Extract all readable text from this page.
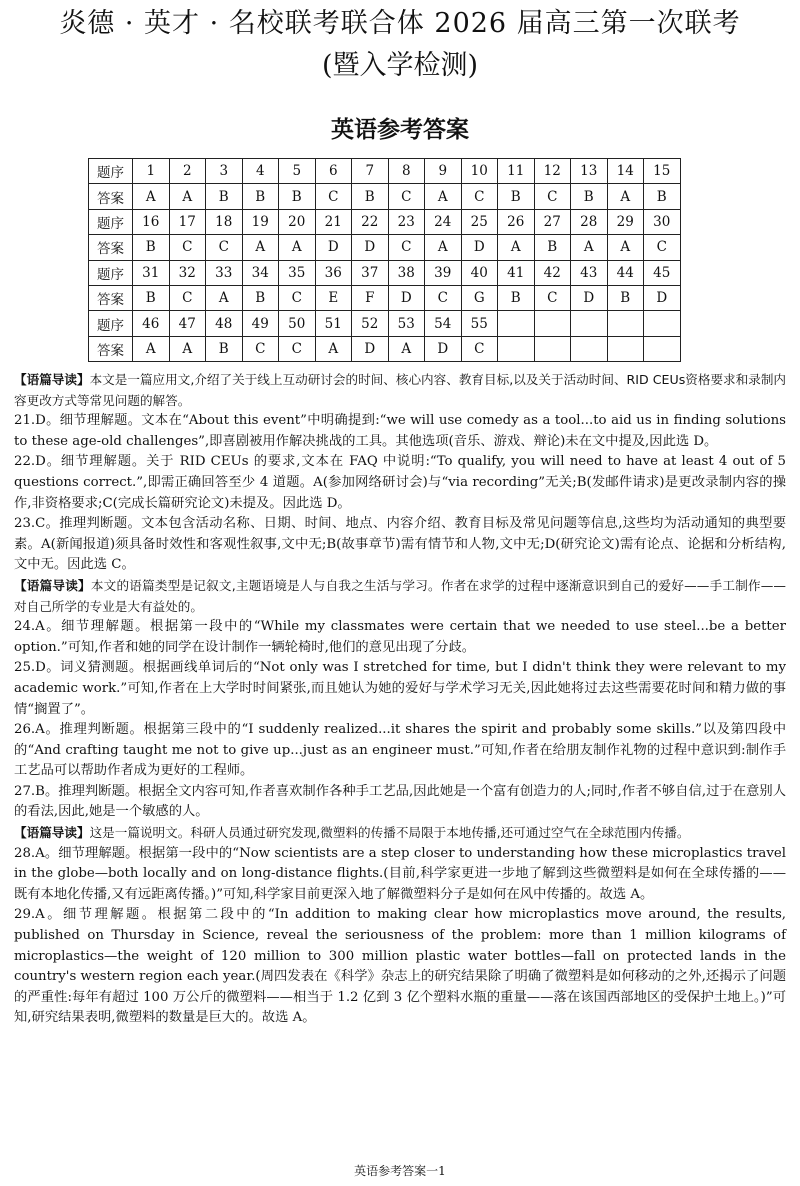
炎德 · 英才 · 名校联考联合体 2026 届高三第一次联考
(暨入学检测)
英语参考答案
题序	1	2	3	4	5	6	7	8	9	10	11	12	13	14	15
答案	A	A	B	B	B	C	B	C	A	C	B	C	B	A	B
题序	16	17	18	19	20	21	22	23	24	25	26	27	28	29	30
答案	B	C	C	A	A	D	D	C	A	D	A	B	A	A	C
题序	31	32	33	34	35	36	37	38	39	40	41	42	43	44	45
答案	B	C	A	B	C	E	F	D	C	G	B	C	D	B	D
题序	46	47	48	49	50	51	52	53	54	55					
答案	A	A	B	C	C	A	D	A	D	C					

【语篇导读】本文是一篇应用文,介绍了关于线上互动研讨会的时间、核心内容、教育目标,以及关于活动时间、RID CEUs资格要求和录制内容更改方式等常见问题的解答。

21.D。细节理解题。文本在“About this event”中明确提到:“we will use comedy as a tool...to aid us in finding solutions to these age-old challenges”,即喜剧被用作解决挑战的工具。其他选项(音乐、游戏、辩论)未在文中提及,因此选 D。

22.D。细节理解题。关于 RID CEUs 的要求,文本在 FAQ 中说明:“To qualify, you will need to have at least 4 out of 5 questions correct.”,即需正确回答至少 4 道题。A(参加网络研讨会)与“via recording”无关;B(发邮件请求)是更改录制内容的操作,非资格要求;C(完成长篇研究论文)未提及。因此选 D。

23.C。推理判断题。文本包含活动名称、日期、时间、地点、内容介绍、教育目标及常见问题等信息,这些均为活动通知的典型要素。A(新闻报道)须具备时效性和客观性叙事,文中无;B(故事章节)需有情节和人物,文中无;D(研究论文)需有论点、论据和分析结构,文中无。因此选 C。

【语篇导读】本文的语篇类型是记叙文,主题语境是人与自我之生活与学习。作者在求学的过程中逐渐意识到自己的爱好——手工制作——对自己所学的专业是大有益处的。

24.A。细节理解题。根据第一段中的“While my classmates were certain that we needed to use steel...be a better option.”可知,作者和她的同学在设计制作一辆轮椅时,他们的意见出现了分歧。

25.D。词义猜测题。根据画线单词后的“Not only was I stretched for time, but I didn't think they were relevant to my academic work.”可知,作者在上大学时时间紧张,而且她认为她的爱好与学术学习无关,因此她将过去这些需要花时间和精力做的事情“搁置了”。

26.A。推理判断题。根据第三段中的“I suddenly realized...it shares the spirit and probably some skills.”以及第四段中的“And crafting taught me not to give up...just as an engineer must.”可知,作者在给朋友制作礼物的过程中意识到:制作手工艺品可以帮助作者成为更好的工程师。

27.B。推理判断题。根据全文内容可知,作者喜欢制作各种手工艺品,因此她是一个富有创造力的人;同时,作者不够自信,过于在意别人的看法,因此,她是一个敏感的人。

【语篇导读】这是一篇说明文。科研人员通过研究发现,微塑料的传播不局限于本地传播,还可通过空气在全球范围内传播。

28.A。细节理解题。根据第一段中的“Now scientists are a step closer to understanding how these microplastics travel in the globe—both locally and on long-distance flights.(目前,科学家更进一步地了解到这些微塑料是如何在全球传播的——既有本地化传播,又有远距离传播。)”可知,科学家目前更深入地了解微塑料分子是如何在风中传播的。故选 A。

29.A。细节理解题。根据第二段中的“In addition to making clear how microplastics move around, the results, published on Thursday in Science, reveal the seriousness of the problem: more than 1 million kilograms of microplastics—the weight of 120 million to 300 million plastic water bottles—fall on protected lands in the country's western region each year.(周四发表在《科学》杂志上的研究结果除了明确了微塑料是如何移动的之外,还揭示了问题的严重性:每年有超过 100 万公斤的微塑料——相当于 1.2 亿到 3 亿个塑料水瓶的重量——落在该国西部地区的受保护土地上。)”可知,研究结果表明,微塑料的数量是巨大的。故选 A。

英语参考答案一1
